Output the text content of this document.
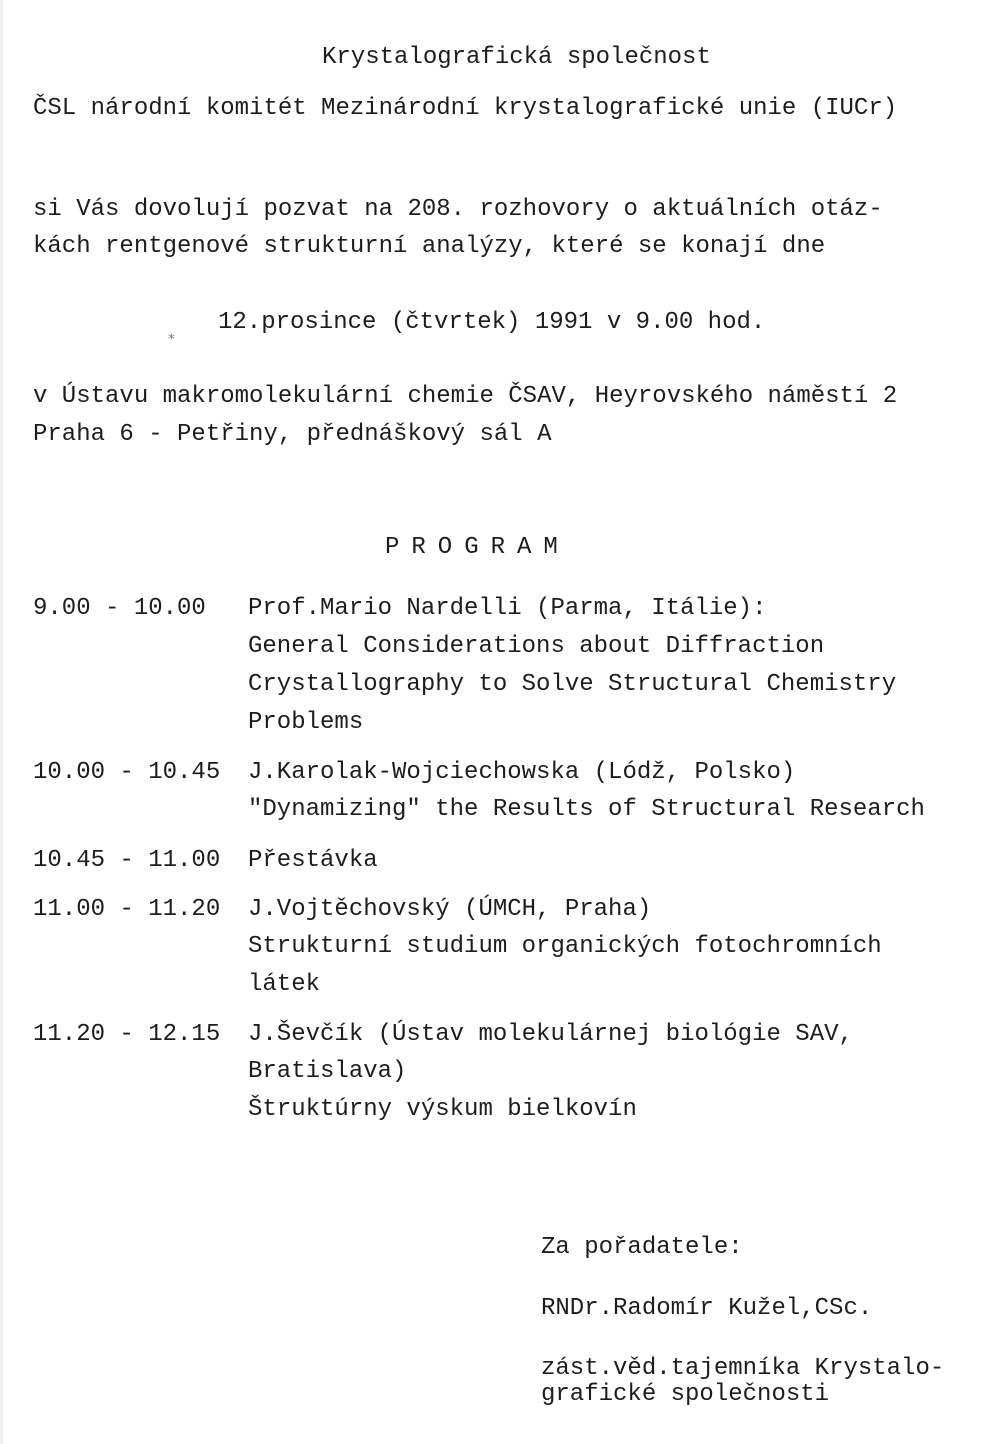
Krystalografická společnost
ČSL národní komitét Mezinárodní krystalografické unie (IUCr)
si Vás dovolují pozvat na 208. rozhovory o aktuálních otáz-
kách rentgenové strukturní analýzy, které se konají dne
⁎ 12.prosince (čtvrtek) 1991 v 9.00 hod.
v Ústavu makromolekulární chemie ČSAV, Heyrovského náměstí 2
Praha 6 - Petřiny, přednáškový sál A
PROGRAM
9.00 - 10.00 Prof.Mario Nardelli (Parma, Itálie):
General Considerations about Diffraction
Crystallography to Solve Structural Chemistry
Problems
10.00 - 10.45 J.Karolak-Wojciechowska (Lódž, Polsko)
"Dynamizing" the Results of Structural Research
10.45 - 11.00 Přestávka
11.00 - 11.20 J.Vojtěchovský (ÚMCH, Praha)
Strukturní studium organických fotochromních
látek
11.20 - 12.15 J.Ševčík (Ústav molekulárnej biológie SAV,
Bratislava)
Štruktúrny výskum bielkovín
Za pořadatele:
RNDr.Radomír Kužel,CSc.
zást.věd.tajemníka Krystalo-
grafické společnosti
